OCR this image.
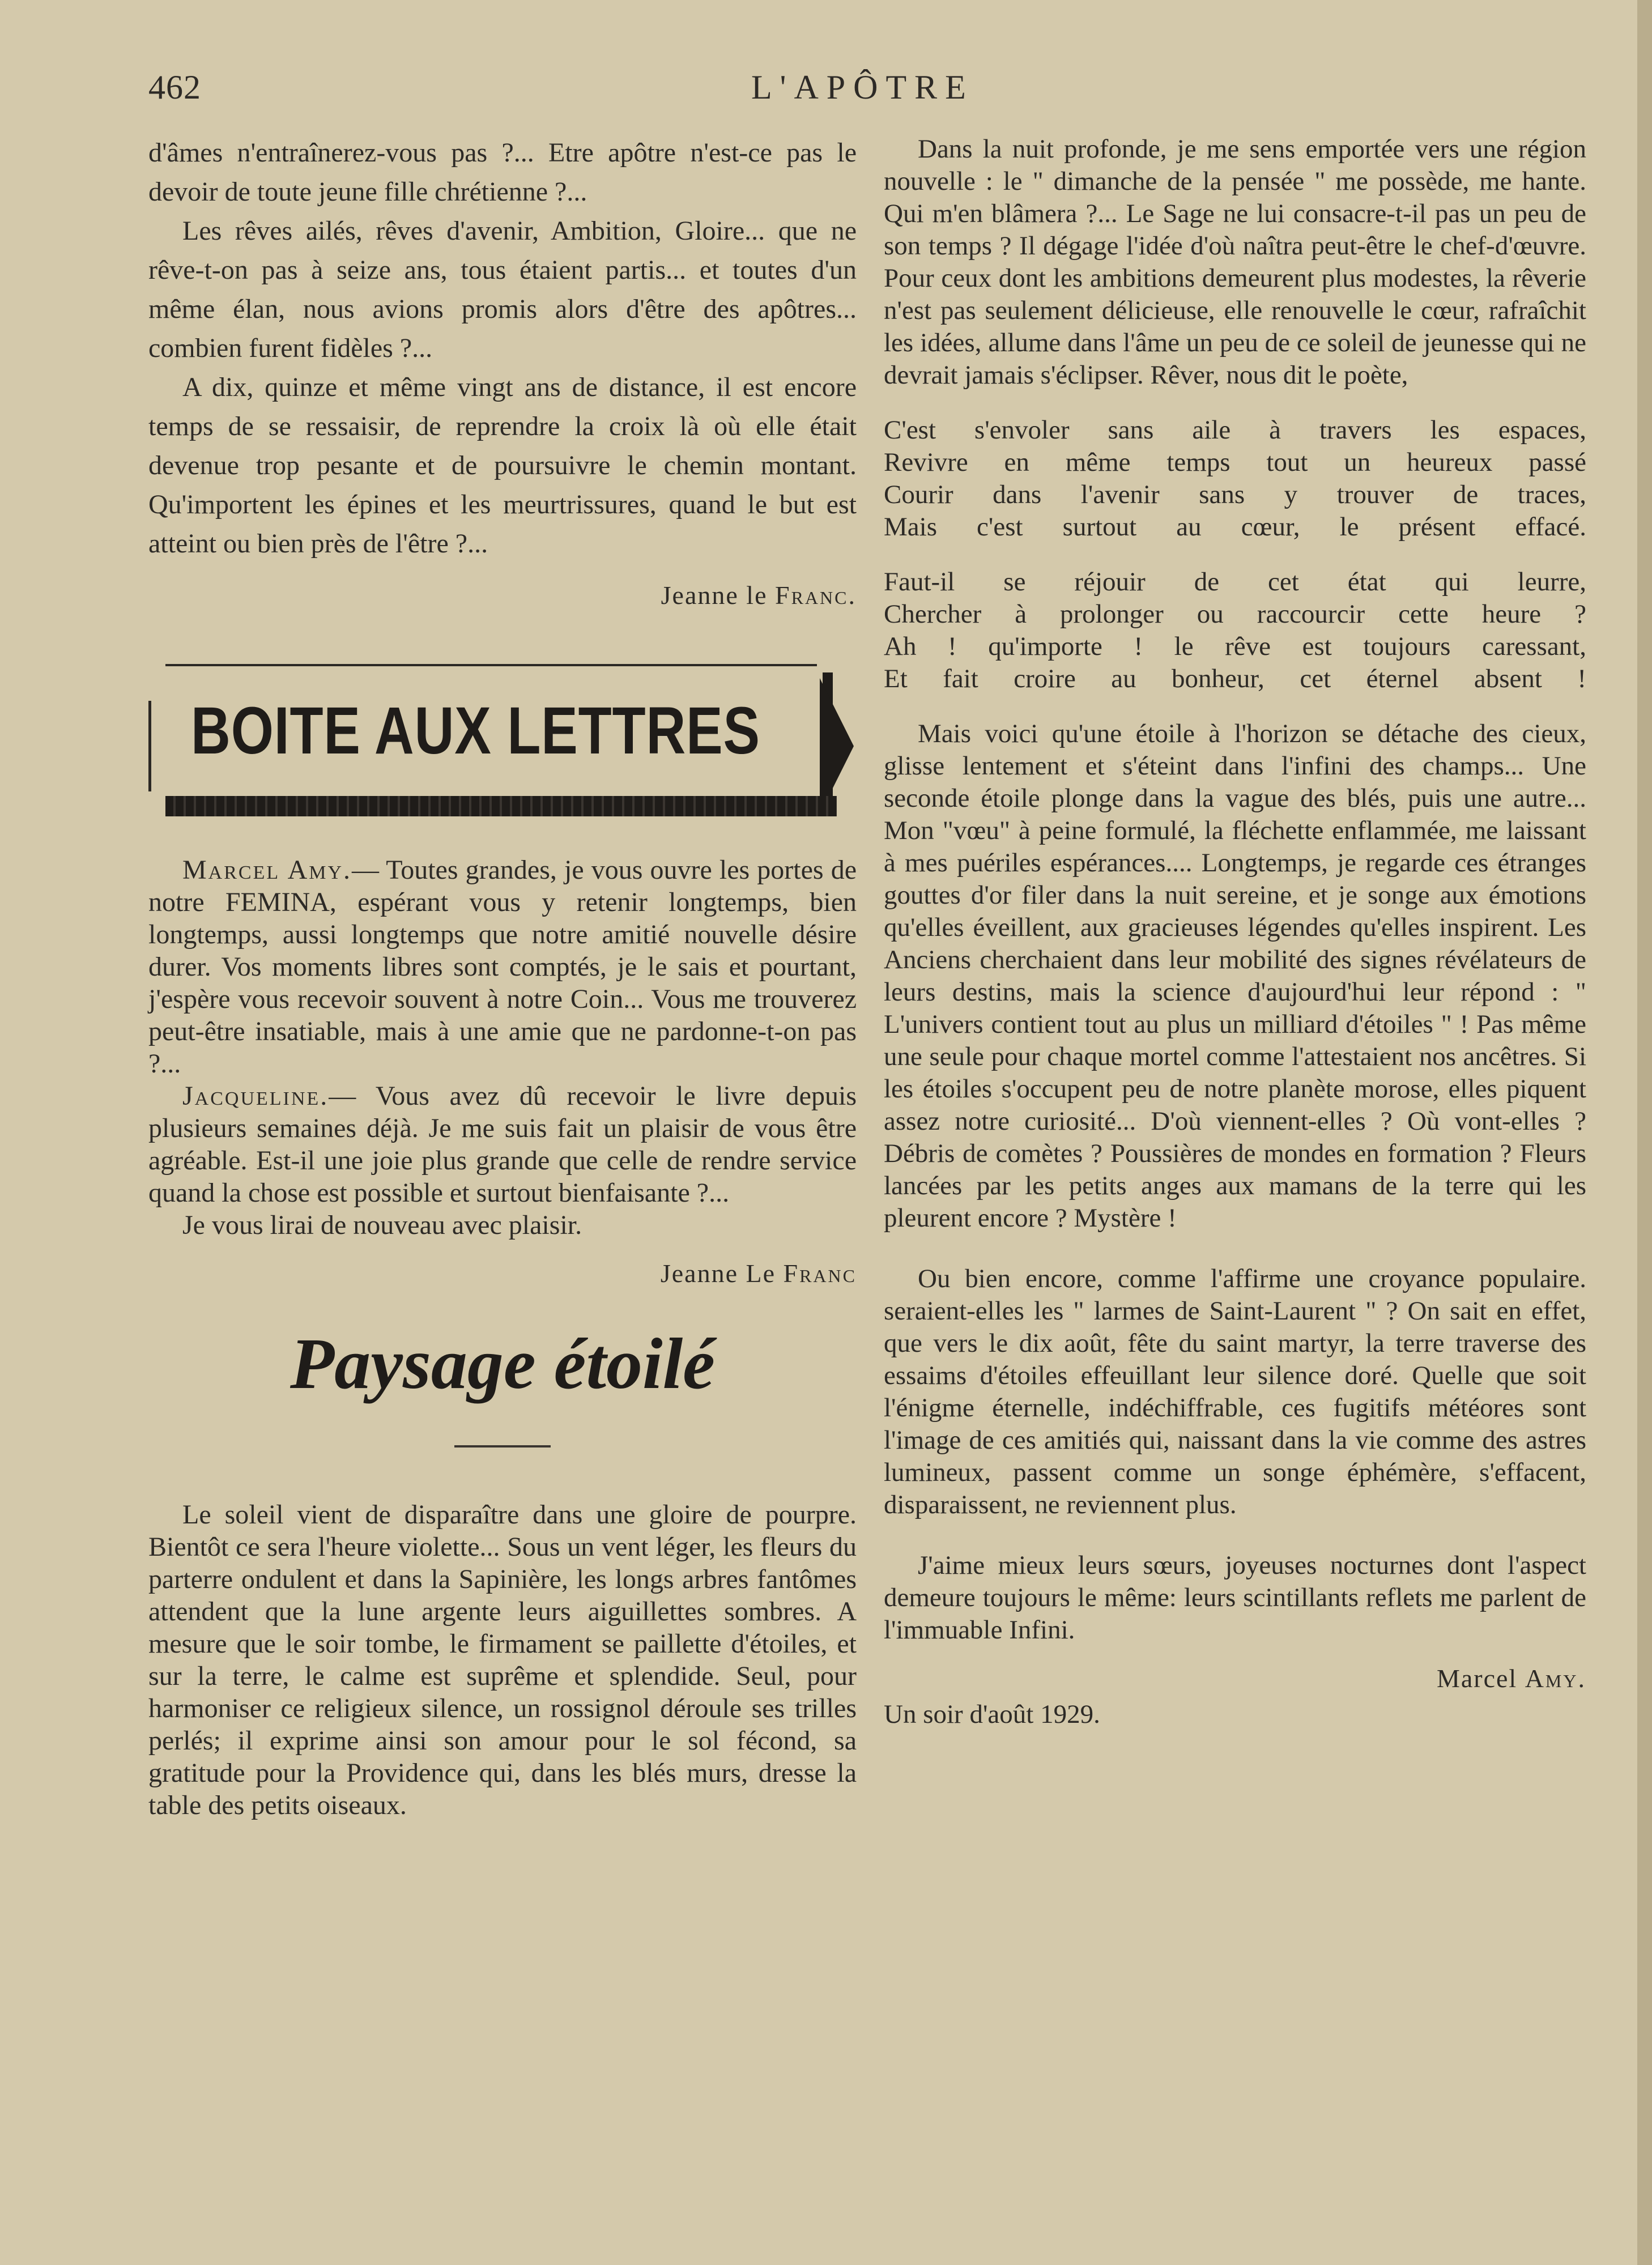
462	L'APÔTRE

d'âmes n'entraînerez-vous pas ?... Etre apôtre n'est-ce pas le devoir de toute jeune fille chrétienne ?...

Les rêves ailés, rêves d'avenir, Ambition, Gloire... que ne rêve-t-on pas à seize ans, tous étaient partis... et toutes d'un même élan, nous avions promis alors d'être des apôtres... combien furent fidèles ?...

A dix, quinze et même vingt ans de distance, il est encore temps de se ressaisir, de reprendre la croix là où elle était devenue trop pesante et de poursuivre le chemin montant. Qu'importent les épines et les meurtrissures, quand le but est atteint ou bien près de l'être ?...

Jeanne le Franc.
BOITE AUX LETTRES

Marcel Amy.— Toutes grandes, je vous ouvre les portes de notre FEMINA, espérant vous y retenir longtemps, bien longtemps, aussi longtemps que notre amitié nouvelle désire durer. Vos moments libres sont comptés, je le sais et pourtant, j'espère vous recevoir souvent à notre Coin... Vous me trouverez peut-être insatiable, mais à une amie que ne pardonne-t-on pas ?...

Jacqueline.— Vous avez dû recevoir le livre depuis plusieurs semaines déjà. Je me suis fait un plaisir de vous être agréable. Est-il une joie plus grande que celle de rendre service quand la chose est possible et surtout bienfaisante ?...

Je vous lirai de nouveau avec plaisir.

Jeanne Le Franc
Paysage étoilé

Le soleil vient de disparaître dans une gloire de pourpre. Bientôt ce sera l'heure violette... Sous un vent léger, les fleurs du parterre ondulent et dans la Sapinière, les longs arbres fantômes attendent que la lune argente leurs aiguillettes sombres. A mesure que le soir tombe, le firmament se paillette d'étoiles, et sur la terre, le calme est suprême et splendide. Seul, pour harmoniser ce religieux silence, un rossignol déroule ses trilles perlés; il exprime ainsi son amour pour le sol fécond, sa gratitude pour la Providence qui, dans les blés murs, dresse la table des petits oiseaux.

Dans la nuit profonde, je me sens emportée vers une région nouvelle : le " dimanche de la pensée " me possède, me hante. Qui m'en blâmera ?... Le Sage ne lui consacre-t-il pas un peu de son temps ? Il dégage l'idée d'où naîtra peut-être le chef-d'œuvre. Pour ceux dont les ambitions demeurent plus modestes, la rêverie n'est pas seulement délicieuse, elle renouvelle le cœur, rafraîchit les idées, allume dans l'âme un peu de ce soleil de jeunesse qui ne devrait jamais s'éclipser. Rêver, nous dit le poète,

C'est s'envoler sans aile à travers les espaces,
Revivre en même temps tout un heureux passé
Courir dans l'avenir sans y trouver de traces,
Mais c'est surtout au cœur, le présent effacé.
Faut-il se réjouir de cet état qui leurre,
Chercher à prolonger ou raccourcir cette heure ?
Ah ! qu'importe ! le rêve est toujours caressant,
Et fait croire au bonheur, cet éternel absent !

Mais voici qu'une étoile à l'horizon se détache des cieux, glisse lentement et s'éteint dans l'infini des champs... Une seconde étoile plonge dans la vague des blés, puis une autre... Mon "vœu" à peine formulé, la fléchette enflammée, me laissant à mes puériles espérances.... Longtemps, je regarde ces étranges gouttes d'or filer dans la nuit sereine, et je songe aux émotions qu'elles éveillent, aux gracieuses légendes qu'elles inspirent. Les Anciens cherchaient dans leur mobilité des signes révélateurs de leurs destins, mais la science d'aujourd'hui leur répond : " L'univers contient tout au plus un milliard d'étoiles " ! Pas même une seule pour chaque mortel comme l'attestaient nos ancêtres. Si les étoiles s'occupent peu de notre planète morose, elles piquent assez notre curiosité... D'où viennent-elles ? Où vont-elles ? Débris de comètes ? Poussières de mondes en formation ? Fleurs lancées par les petits anges aux mamans de la terre qui les pleurent encore ? Mystère !

Ou bien encore, comme l'affirme une croyance populaire. seraient-elles les " larmes de Saint-Laurent " ? On sait en effet, que vers le dix août, fête du saint martyr, la terre traverse des essaims d'étoiles effeuillant leur silence doré. Quelle que soit l'énigme éternelle, indéchiffrable, ces fugitifs météores sont l'image de ces amitiés qui, naissant dans la vie comme des astres lumineux, passent comme un songe éphémère, s'effacent, disparaissent, ne reviennent plus.

J'aime mieux leurs sœurs, joyeuses nocturnes dont l'aspect demeure toujours le même: leurs scintillants reflets me parlent de l'immuable Infini.

Marcel Amy.
Un soir d'août 1929.
